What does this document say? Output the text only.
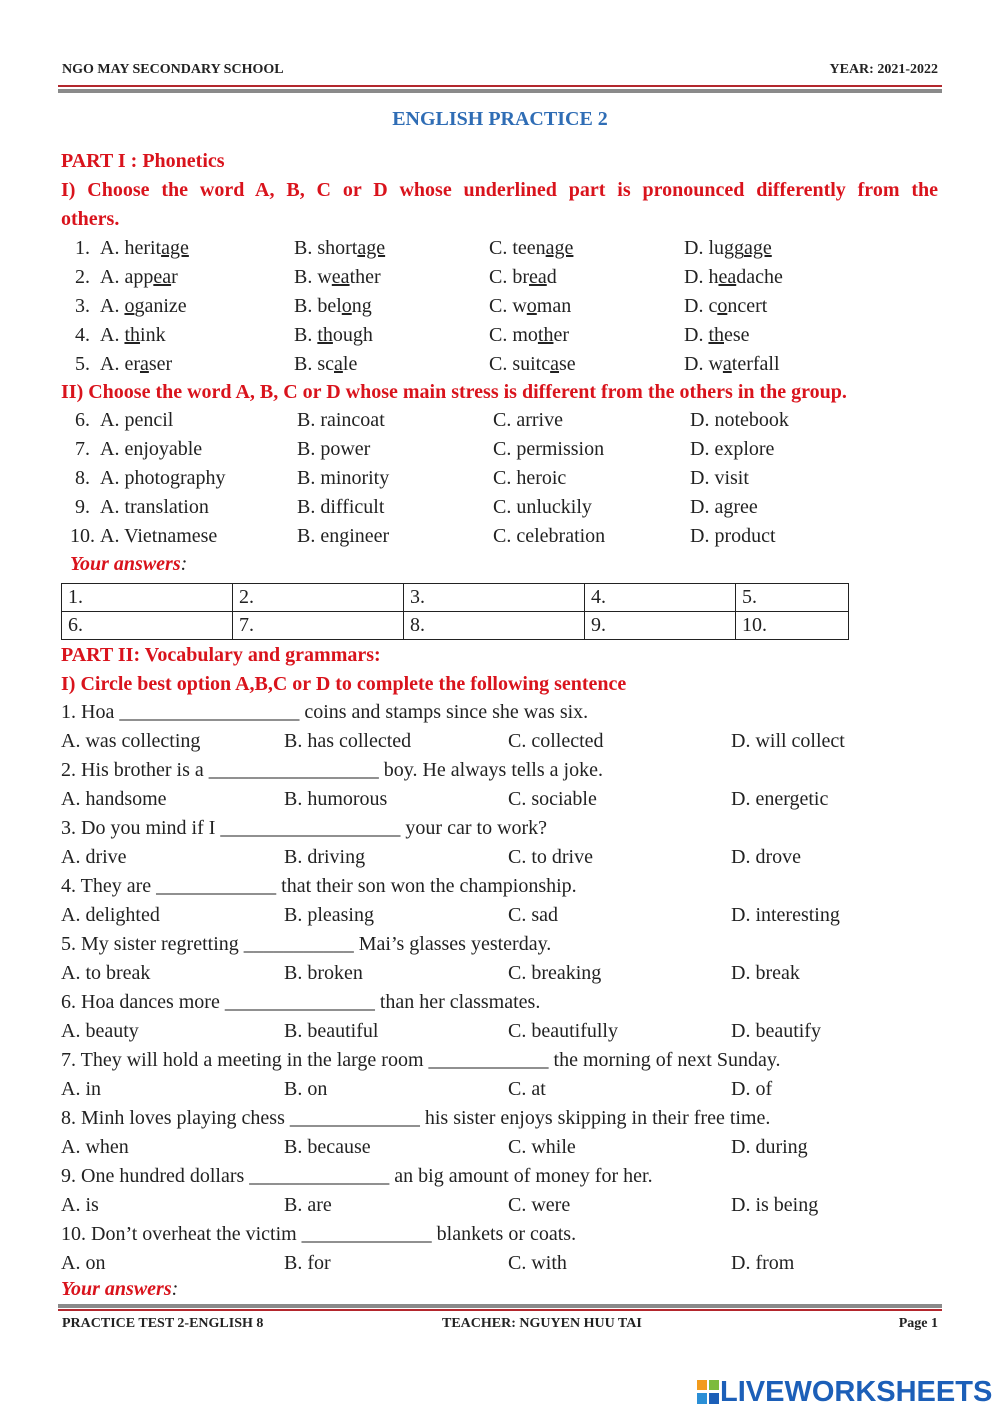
NGO MAY SECONDARY SCHOOL	YEAR: 2021-2022
ENGLISH PRACTICE 2
PART I : Phonetics
I) Choose the word A, B, C or D whose underlined part is pronounced differently from the
others.
1. A. heritage	B. shortage	C. teenage	D. luggage
2. A. appear	B. weather	C. bread	D. headache
3. A. oganize	B. belong	C. woman	D. concert
4. A. think	B. though	C. mother	D. these
5. A. eraser	B. scale	C. suitcase	D. waterfall
II) Choose the word A, B, C or D whose main stress is different from the others in the group.
6. A. pencil	B. raincoat	C. arrive	D. notebook
7. A. enjoyable	B. power	C. permission	D. explore
8. A. photography	B. minority	C. heroic	D. visit
9. A. translation	B. difficult	C. unluckily	D. agree
10. A. Vietnamese	B. engineer	C. celebration	D. product
Your answers:
1.	2.	3.	4.	5.
6.	7.	8.	9.	10.
PART II: Vocabulary and grammars:
I) Circle best option A,B,C or D to complete the following sentence
1. Hoa __________________ coins and stamps since she was six.
A. was collecting	B. has collected	C. collected	D. will collect
2. His brother is a _________________ boy. He always tells a joke.
A. handsome	B. humorous	C. sociable	D. energetic
3. Do you mind if I __________________ your car to work?
A. drive	B. driving	C. to drive	D. drove
4. They are ____________ that their son won the championship.
A. delighted	B. pleasing	C. sad	D. interesting
5. My sister regretting ___________ Mai’s glasses yesterday.
A. to break	B. broken	C. breaking	D. break
6. Hoa dances more _______________ than her classmates.
A. beauty	B. beautiful	C. beautifully	D. beautify
7. They will hold a meeting in the large room ____________ the morning of next Sunday.
A. in	B. on	C. at	D. of
8. Minh loves playing chess _____________ his sister enjoys skipping in their free time.
A. when	B. because	C. while	D. during
9. One hundred dollars ______________ an big amount of money for her.
A. is	B. are	C. were	D. is being
10. Don’t overheat the victim _____________ blankets or coats.
A. on	B. for	C. with	D. from
Your answers:
PRACTICE TEST 2-ENGLISH 8	TEACHER: NGUYEN HUU TAI	Page 1
LIVEWORKSHEETS
